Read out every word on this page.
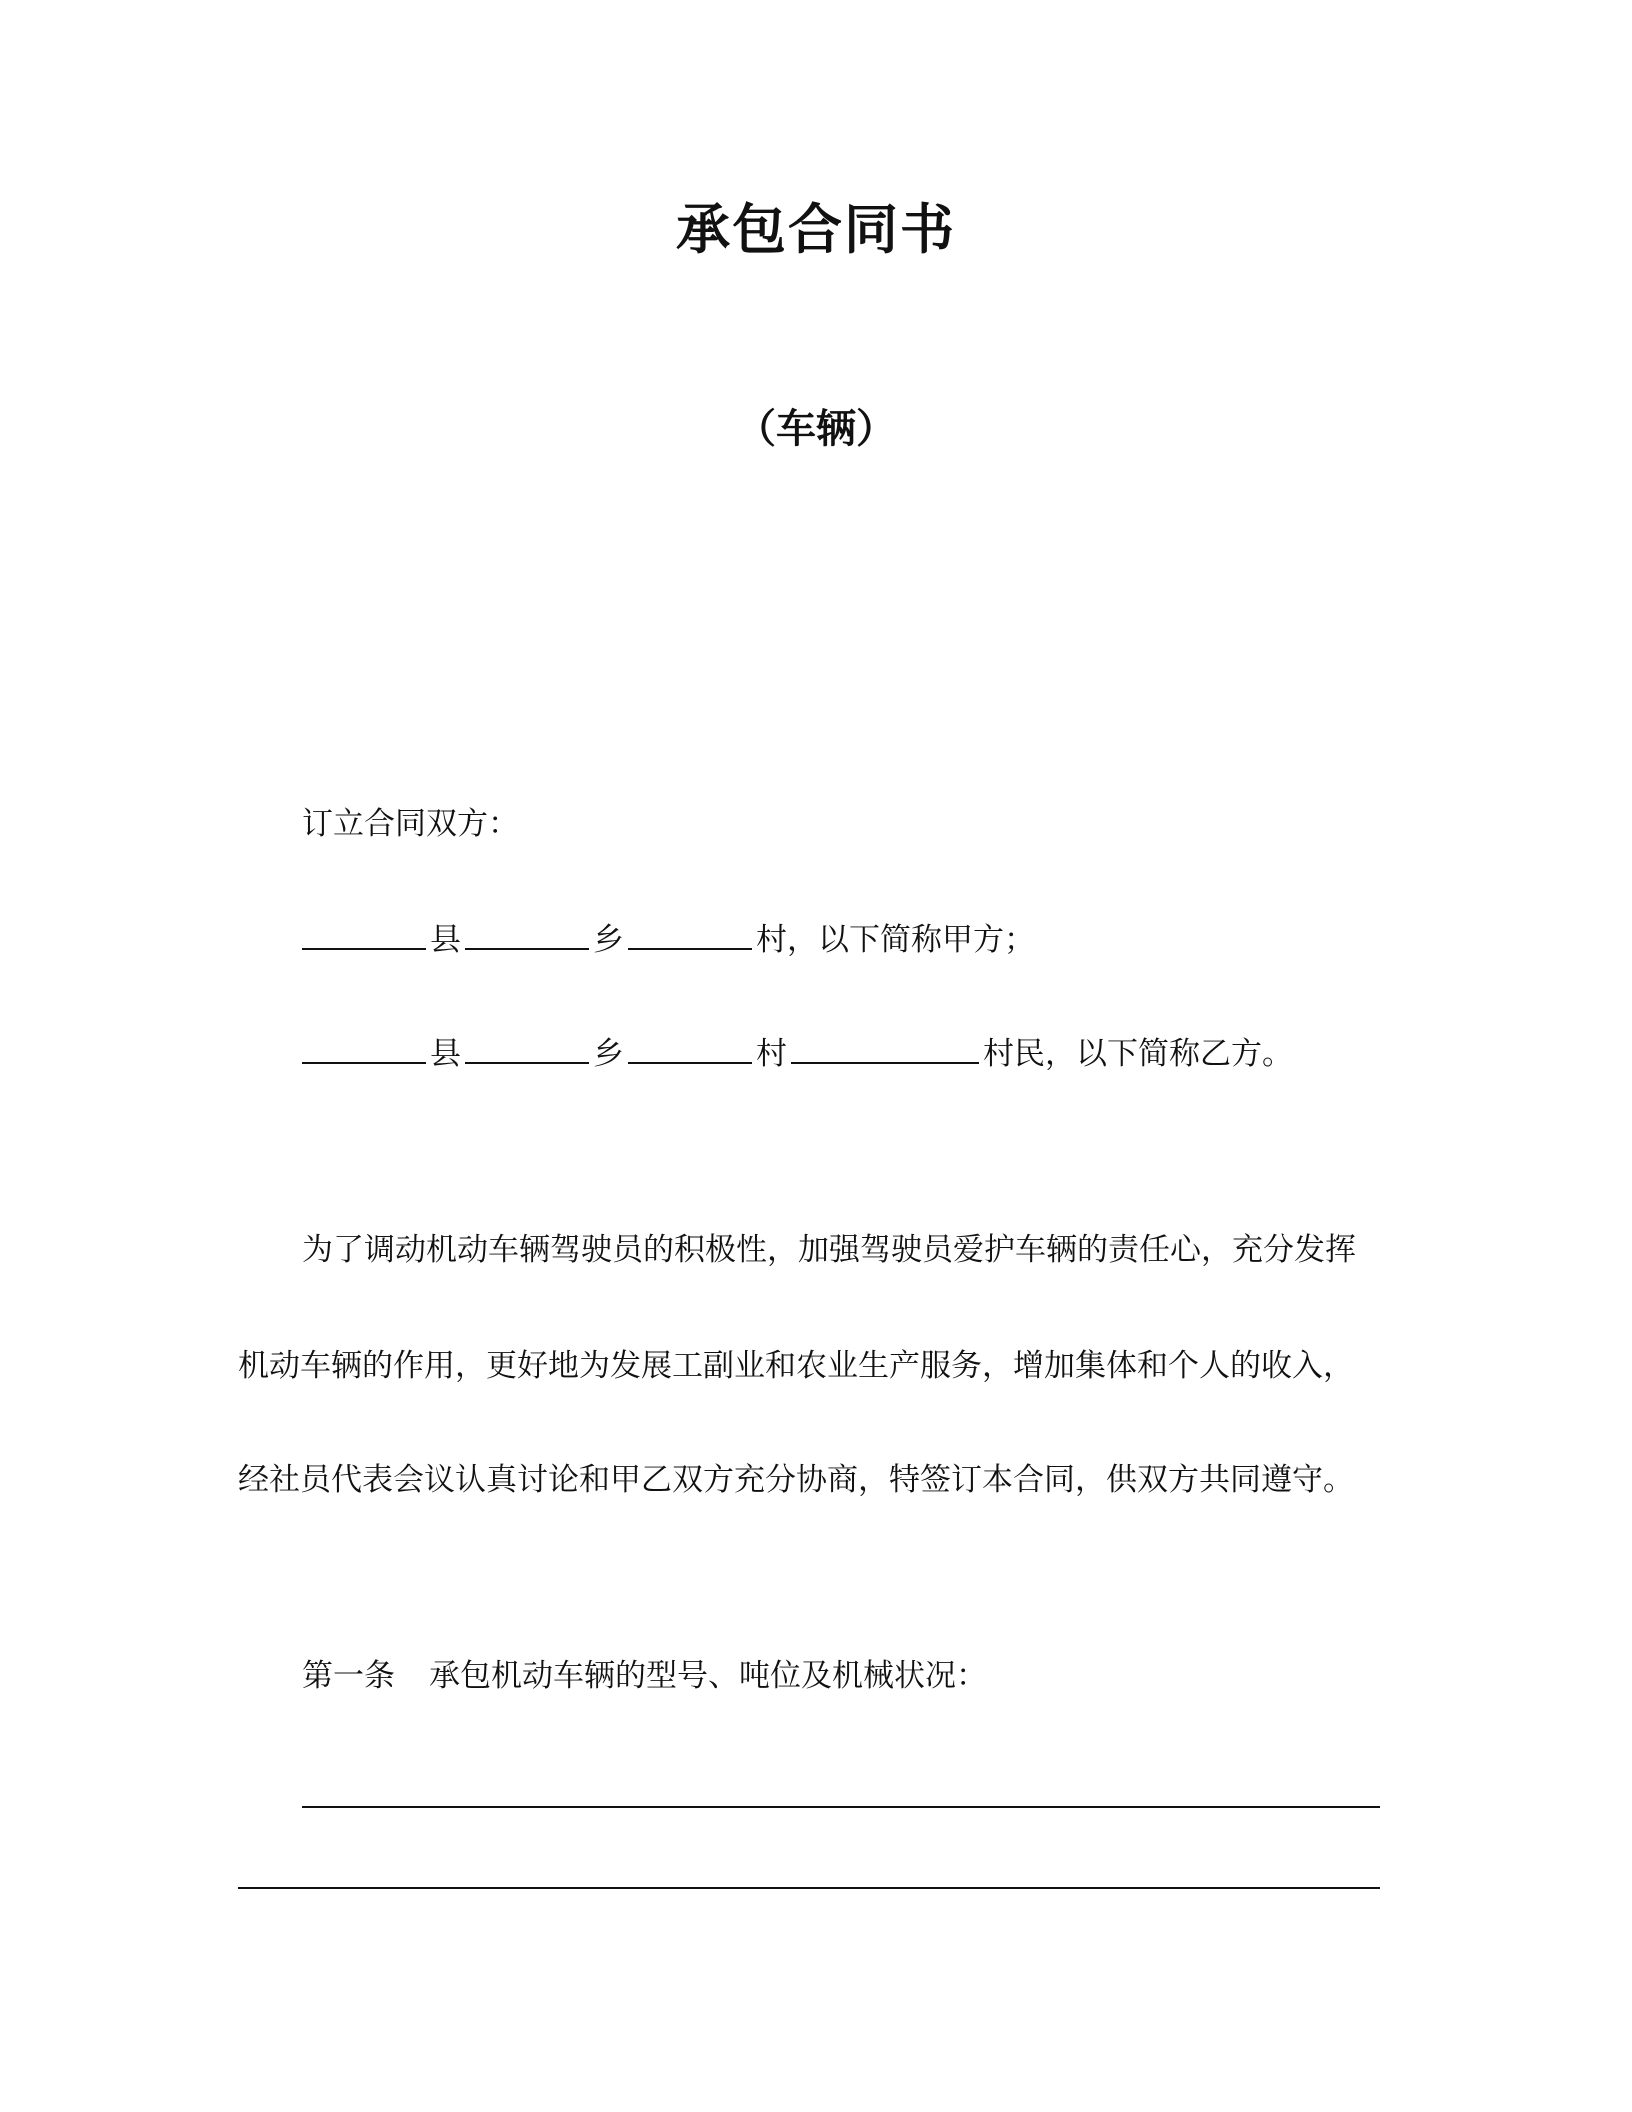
承包合同书
（车辆）
订立合同双方：
县	乡	村，以下简称甲方；
县	乡	村	村民，以下简称乙方。
为了调动机动车辆驾驶员的积极性，加强驾驶员爱护车辆的责任心，充分发挥
机动车辆的作用，更好地为发展工副业和农业生产服务，增加集体和个人的收入，
经社员代表会议认真讨论和甲乙双方充分协商，特签订本合同，供双方共同遵守。
第一条 承包机动车辆的型号、吨位及机械状况：
